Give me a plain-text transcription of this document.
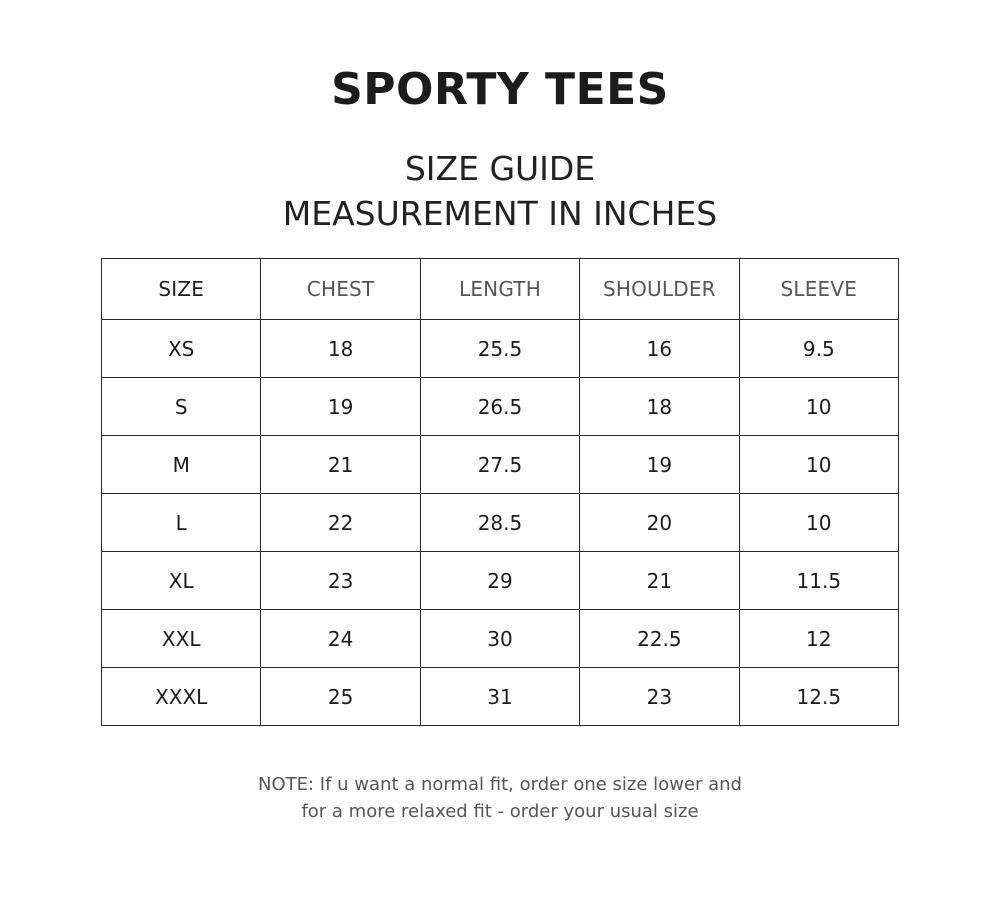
SPORTY TEES
SIZE GUIDE
MEASUREMENT IN INCHES
SIZE	CHEST	LENGTH	SHOULDER	SLEEVE
XS	18	25.5	16	9.5
S	19	26.5	18	10
M	21	27.5	19	10
L	22	28.5	20	10
XL	23	29	21	11.5
XXL	24	30	22.5	12
XXXL	25	31	23	12.5
NOTE: If u want a normal fit, order one size lower and
for a more relaxed fit - order your usual size
